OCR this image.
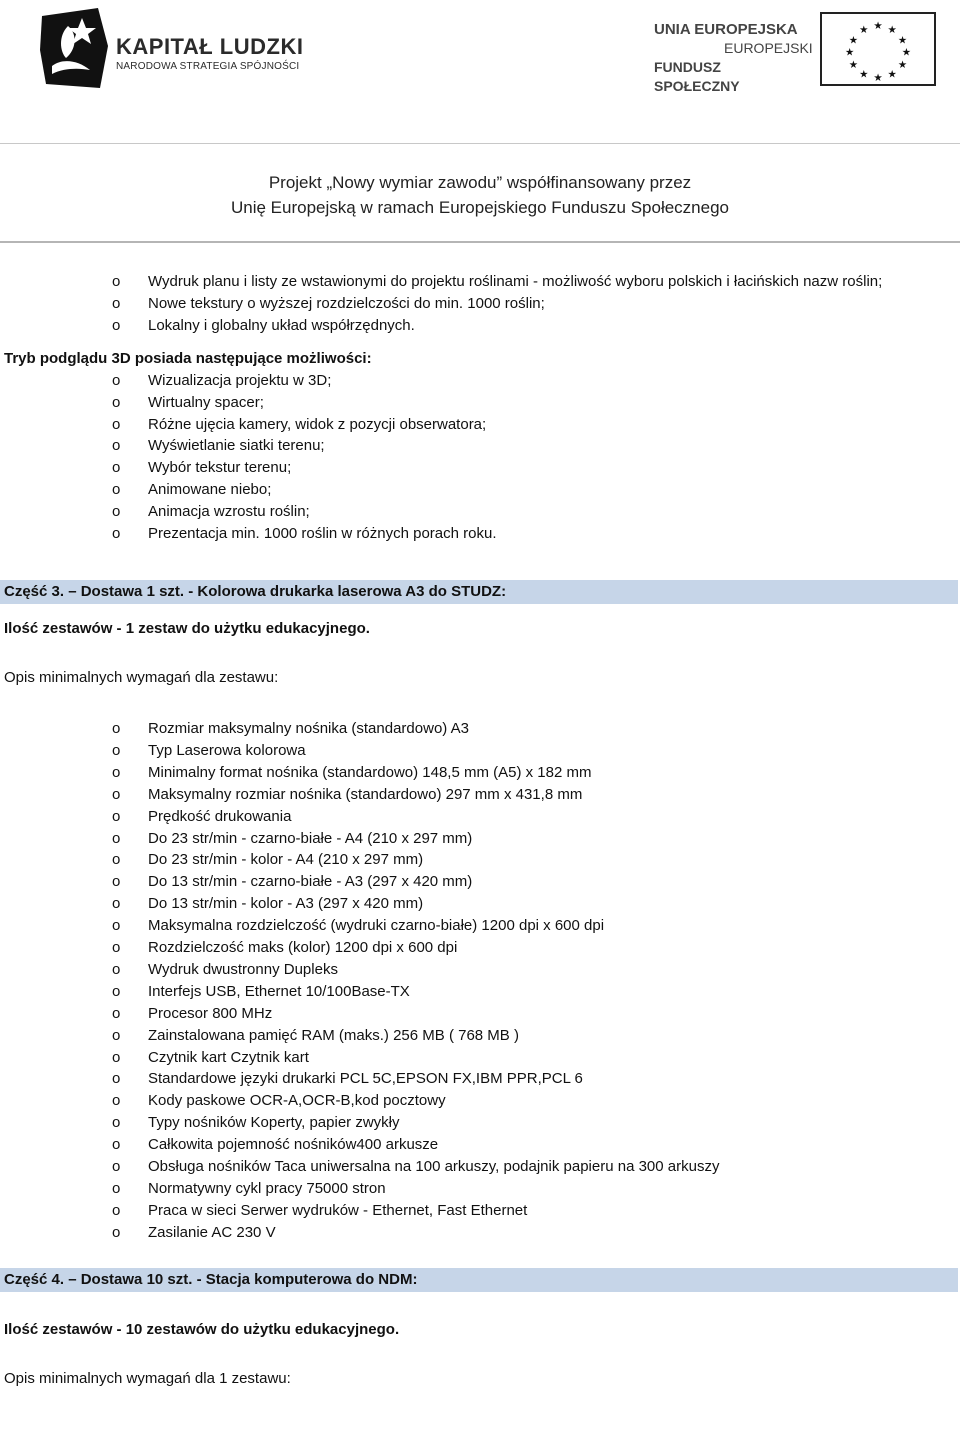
KAPITAŁ LUDZKI
NARODOWA STRATEGIA SPÓJNOŚCI
UNIA EUROPEJSKA
EUROPEJSKI
FUNDUSZ SPOŁECZNY
★ ★
★
★
★
★
★
★
★
★
★
★
Projekt „Nowy wymiar zawodu” współfinansowany przez
Unię Europejską w ramach Europejskiego Funduszu Społecznego
o Wydruk planu i listy ze wstawionymi do projektu roślinami - możliwość wyboru polskich i łacińskich nazw roślin;
o Nowe tekstury o wyższej rozdzielczości do min. 1000 roślin;
o Lokalny i globalny układ współrzędnych.

Tryb podglądu 3D posiada następujące możliwości:

o Wizualizacja projektu w 3D;
o Wirtualny spacer;
o Różne ujęcia kamery, widok z pozycji obserwatora;
o Wyświetlanie siatki terenu;
o Wybór tekstur terenu;
o Animowane niebo;
o Animacja wzrostu roślin;
o Prezentacja min. 1000 roślin w różnych porach roku.
Część 3. – Dostawa 1 szt. - Kolorowa drukarka laserowa A3 do STUDZ:

Ilość zestawów - 1 zestaw do użytku edukacyjnego.

Opis minimalnych wymagań dla zestawu:

o Rozmiar maksymalny nośnika (standardowo) A3
o Typ Laserowa kolorowa
o Minimalny format nośnika (standardowo) 148,5 mm (A5) x 182 mm
o Maksymalny rozmiar nośnika (standardowo) 297 mm x 431,8 mm
o Prędkość drukowania
o Do 23 str/min - czarno-białe - A4 (210 x 297 mm)
o Do 23 str/min - kolor - A4 (210 x 297 mm)
o Do 13 str/min - czarno-białe - A3 (297 x 420 mm)
o Do 13 str/min - kolor - A3 (297 x 420 mm)
o Maksymalna rozdzielczość (wydruki czarno-białe) 1200 dpi x 600 dpi
o Rozdzielczość maks (kolor) 1200 dpi x 600 dpi
o Wydruk dwustronny Dupleks
o Interfejs USB, Ethernet 10/100Base-TX
o Procesor 800 MHz
o Zainstalowana pamięć RAM (maks.) 256 MB ( 768 MB )
o Czytnik kart Czytnik kart
o Standardowe języki drukarki PCL 5C,EPSON FX,IBM PPR,PCL 6
o Kody paskowe OCR-A,OCR-B,kod pocztowy
o Typy nośników Koperty, papier zwykły
o Całkowita pojemność nośników400 arkusze
o Obsługa nośników Taca uniwersalna na 100 arkuszy, podajnik papieru na 300 arkuszy
o Normatywny cykl pracy 75000 stron
o Praca w sieci Serwer wydruków - Ethernet, Fast Ethernet
o Zasilanie AC 230 V
Część 4. – Dostawa 10 szt. - Stacja komputerowa do NDM:

Ilość zestawów - 10 zestawów do użytku edukacyjnego.

Opis minimalnych wymagań dla 1 zestawu:
